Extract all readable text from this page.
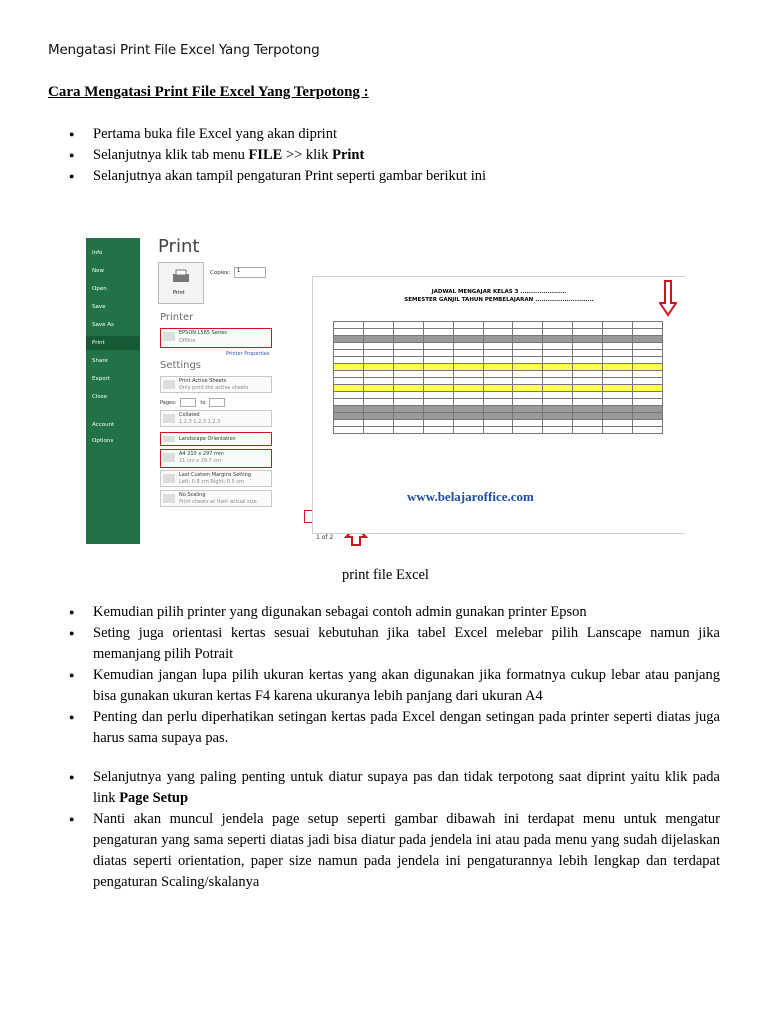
Mengatasi Print File Excel Yang Terpotong
Cara Mengatasi Print File Excel Yang Terpotong :
● Pertama buka file Excel yang akan diprint
● Selanjutnya klik tab menu FILE >> klik Print
● Selanjutnya akan tampil pengaturan Print seperti gambar berikut ini
Info
New
Open
Save
Save As
Print
Share
Export
Close
Account
Options
Print
Print
Copies:	1
Printer
EPSON L565 Series
Offline
Printer Properties
Settings
Print Active Sheets
Only print the active sheets
Pages:	to
Collated
1,2,3 1,2,3 1,2,3
Landscape Orientation
A4 210 x 297 mm
21 cm x 29.7 cm
Last Custom Margins Setting
Left: 0.8 cm Right: 0.5 cm
No Scaling
Print sheets at their actual size
JADWAL MENGAJAR KELAS 3 ......................
SEMESTER GANJIL TAHUN PEMBELAJARAN ............................

www.belajaroffice.com
1 of 2
print file Excel
● Kemudian pilih printer yang digunakan sebagai contoh admin gunakan printer Epson
● Seting juga orientasi kertas sesuai kebutuhan jika tabel Excel melebar pilih Lanscape namun jika memanjang pilih Potrait
● Kemudian jangan lupa pilih ukuran kertas yang akan digunakan jika formatnya cukup lebar atau panjang bisa gunakan ukuran kertas F4 karena ukuranya lebih panjang dari ukuran A4
● Penting dan perlu diperhatikan setingan kertas pada Excel dengan setingan pada printer seperti diatas juga harus sama supaya pas.
● Selanjutnya yang paling penting untuk diatur supaya pas dan tidak terpotong saat diprint yaitu klik pada link Page Setup
● Nanti akan muncul jendela page setup seperti gambar dibawah ini terdapat menu untuk mengatur pengaturan yang sama seperti diatas jadi bisa diatur pada jendela ini atau pada menu yang sudah dijelaskan diatas seperti orientation, paper size namun pada jendela ini pengaturannya lebih lengkap dan terdapat pengaturan Scaling/skalanya
